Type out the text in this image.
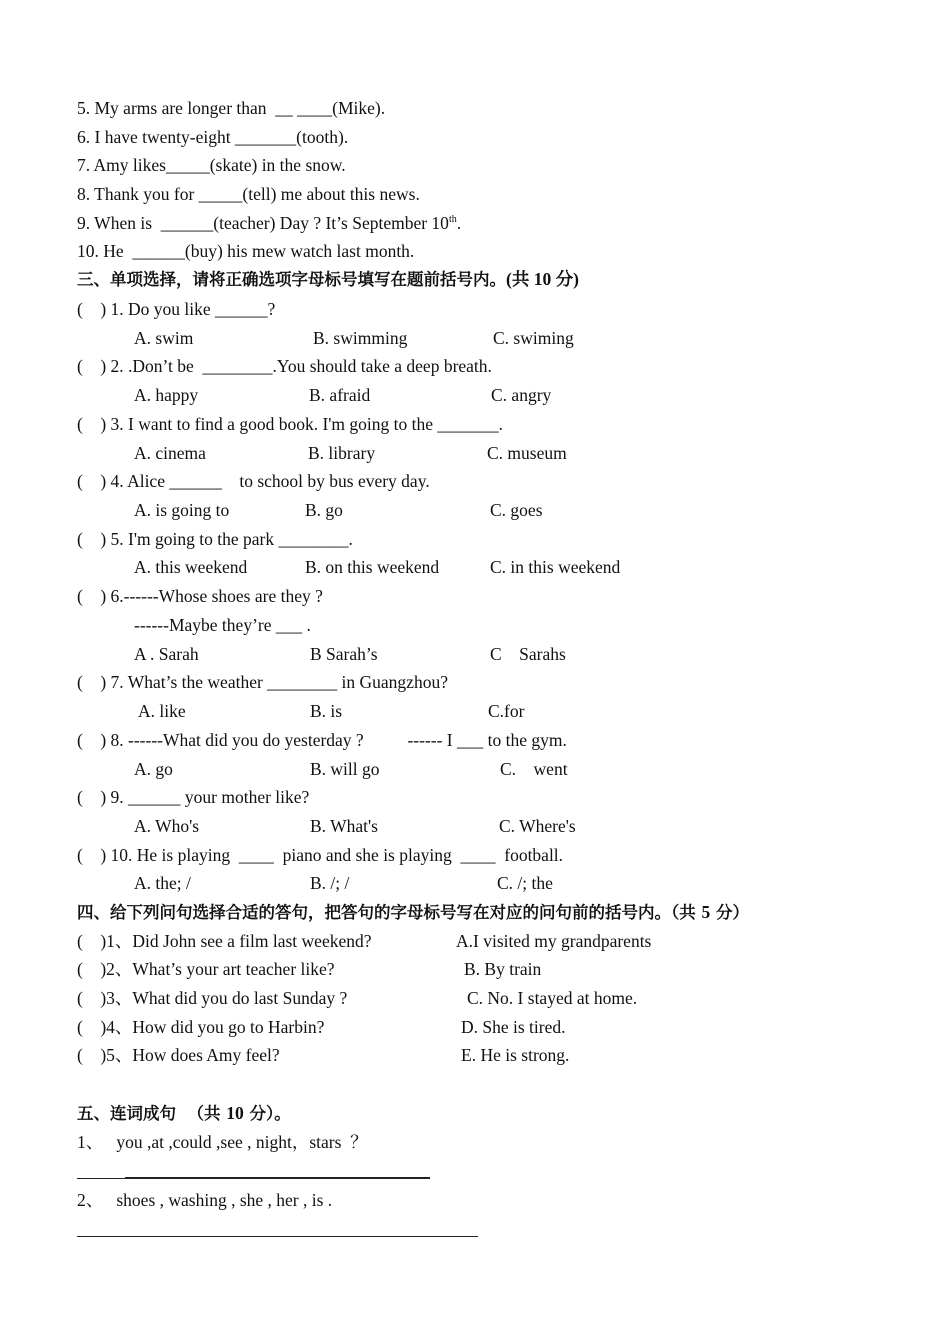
5. My arms are longer than  __ ____(Mike).
6. I have twenty-eight _______(tooth).
7. Amy likes_____(skate) in the snow.
8. Thank you for _____(tell) me about this news.
9. When is  ______(teacher) Day ? It’s September 10th.
10. He  ______(buy) his mew watch last month.
三、单项选择，请将正确选项字母标号填写在题前括号内。(共 10 分)
(    ) 1. Do you like ______?
A. swim	B. swimming	C. swiming
(    ) 2. .Don’t be  ________.You should take a deep breath.
A. happy	B. afraid	C. angry
(    ) 3. I want to find a good book. I'm going to the _______.
A. cinema	B. library	C. museum
(    ) 4. Alice ______    to school by bus every day.
A. is going to	B. go	C. goes
(    ) 5. I'm going to the park ________.
A. this weekend	B. on this weekend	C. in this weekend
(    ) 6.------Whose shoes are they ?
------Maybe they’re ___ .
A . Sarah	B Sarah’s	C    Sarahs
(    ) 7. What’s the weather ________ in Guangzhou?
A. like	B. is	C.for
(    ) 8. ------What did you do yesterday ?          ------ I ___ to the gym.
A. go	B. will go	C.    went
(    ) 9. ______ your mother like?
A. Who's	B. What's	C. Where's
(    ) 10. He is playing  ____  piano and she is playing  ____  football.
A. the; /	B. /; /	C. /; the
四、给下列问句选择合适的答句，把答句的字母标号写在对应的问句前的括号内。（共 5 分）
(    )1、Did John see a film last weekend?	A.I visited my grandparents
(    )2、What’s your art teacher like?	B. By train
(    )3、What did you do last Sunday ?	C. No. I stayed at home.
(    )4、How did you go to Harbin?	D. She is tired.
(    )5、How does Amy feel?	E. He is strong.
五、连词成句  （共 10 分）。
1、   you ,at ,could ,see , night，stars  ？
2、   shoes , washing , she , her , is .
